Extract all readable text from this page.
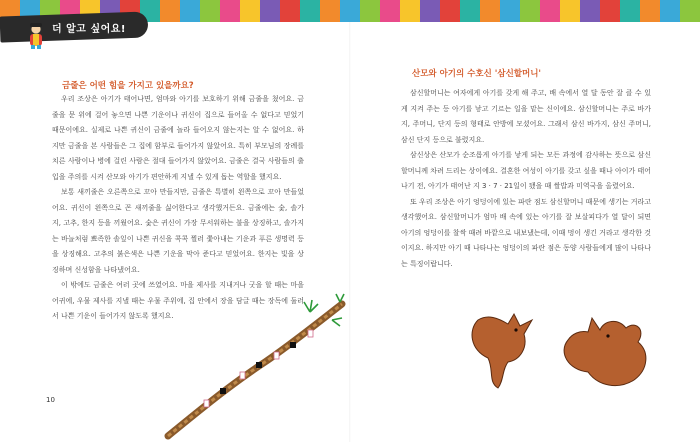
더 알고 싶어요!
금줄은 어떤 힘을 가지고 있을까요?

우리 조상은 아기가 태어나면, 엄마와 아기를 보호하기 위해 금줄을 쳤어요. 금줄을 문 위에 걸어 놓으면 나쁜 기운이나 귀신이 집으로 들어올 수 없다고 믿었기 때문이에요. 실제로 나쁜 귀신이 금줄에 놀라 들어오지 않는지는 알 수 없어요. 하지만 금줄을 본 사람들은 그 집에 함부로 들어가지 않았어요. 특히 부모님의 장례를 치른 사람이나 병에 걸린 사람은 절대 들어가지 않았어요. 금줄은 결국 사람들의 출입을 주의를 시켜 산모와 아기가 편안하게 지낼 수 있게 돕는 역할을 했지요.

보통 새끼줄은 오른쪽으로 꼬아 만들지만, 금줄은 특별히 왼쪽으로 꼬아 만들었어요. 귀신이 왼쪽으로 꼰 새끼줄을 싫어한다고 생각했거든요. 금줄에는 숯, 솔가지, 고추, 한지 등을 끼웠어요. 숯은 귀신이 가장 무서워하는 불을 상징하고, 솔가지는 바늘처럼 뾰족한 솔잎이 나쁜 귀신을 콕콕 찔러 쫓아내는 기운과 푸른 생명력 등을 상징해요. 고추의 붉은색은 나쁜 기운을 막아 준다고 믿었어요. 한지는 빛을 상징하며 신성함을 나타냈어요.

이 밖에도 금줄은 여러 곳에 쓰였어요. 마을 제사를 지내거나 굿을 할 때는 마을 어귀에, 우물 제사를 지낼 때는 우물 주위에, 집 안에서 장을 담글 때는 장독에 둘러서 나쁜 기운이 들어가지 않도록 했지요.

산모와 아기의 수호신 '삼신할머니'

삼신할머니는 여자에게 아기를 갖게 해 주고, 배 속에서 열 달 동안 잘 클 수 있게 지켜 주는 등 아기를 낳고 기르는 일을 맡는 신이에요. 삼신할머니는 주로 바가지, 주머니, 단지 등의 형태로 안방에 모셨어요. 그래서 삼신 바가지, 삼신 주머니, 삼신 단지 등으로 불렸지요.

삼신상은 산모가 순조롭게 아기를 낳게 되는 모든 과정에 감사하는 뜻으로 삼신할머니께 차려 드리는 상이에요. 결혼한 여성이 아기를 갖고 싶을 때나 아이가 태어나기 전, 아기가 태어난 지 3 · 7 · 21일이 됐을 때 쌀밥과 미역국을 올렸어요.

또 우리 조상은 아기 엉덩이에 있는 파란 점도 삼신할머니 때문에 생기는 거라고 생각했어요. 삼신할머니가 엄마 배 속에 있는 아기를 잘 보살피다가 열 달이 되면 아기의 엉덩이를 찰싹 때려 바깥으로 내보냈는데, 이때 멍이 생긴 거라고 생각한 것이지요. 하지만 아기 때 나타나는 엉덩이의 파란 점은 동양 사람들에게 많이 나타나는 특징이랍니다.

10
